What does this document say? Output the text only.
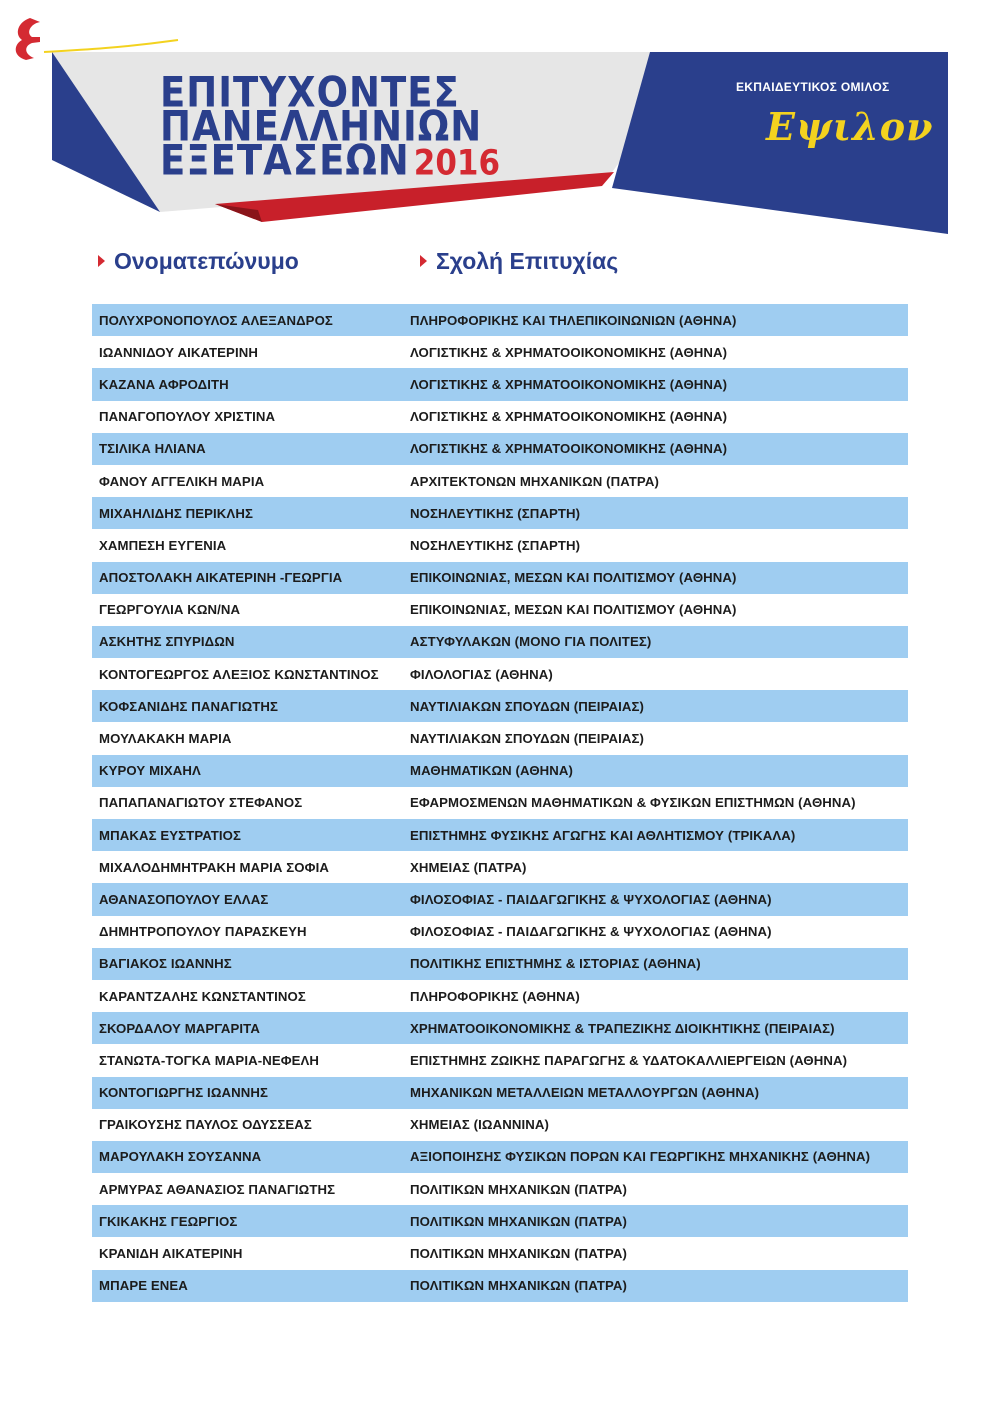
ΕΠΙΤΥΧΟΝΤΕΣ
ΠΑΝΕΛΛΗΝΙΩΝ
ΕΞΕΤΑΣΕΩΝ 2016
ΕΚΠΑΙΔΕΥΤΙΚΟΣ ΟΜΙΛΟΣ
Εψιλον
Ονοματεπώνυμο	Σχολή Επιτυχίας
ΠΟΛΥΧΡΟΝΟΠΟΥΛΟΣ ΑΛΕΞΑΝΔΡΟΣ	ΠΛΗΡΟΦΟΡΙΚΗΣ ΚΑΙ ΤΗΛΕΠΙΚΟΙΝΩΝΙΩΝ (ΑΘΗΝΑ)
ΙΩΑΝΝΙΔΟΥ ΑΙΚΑΤΕΡΙΝΗ	ΛΟΓΙΣΤΙΚΗΣ & ΧΡΗΜΑΤΟΟΙΚΟΝΟΜΙΚΗΣ (ΑΘΗΝΑ)
ΚΑΖΑΝΑ ΑΦΡΟΔΙΤΗ	ΛΟΓΙΣΤΙΚΗΣ & ΧΡΗΜΑΤΟΟΙΚΟΝΟΜΙΚΗΣ (ΑΘΗΝΑ)
ΠΑΝΑΓΟΠΟΥΛΟΥ ΧΡΙΣΤΙΝΑ	ΛΟΓΙΣΤΙΚΗΣ & ΧΡΗΜΑΤΟΟΙΚΟΝΟΜΙΚΗΣ (ΑΘΗΝΑ)
ΤΣΙΛΙΚΑ ΗΛΙΑΝΑ	ΛΟΓΙΣΤΙΚΗΣ & ΧΡΗΜΑΤΟΟΙΚΟΝΟΜΙΚΗΣ (ΑΘΗΝΑ)
ΦΑΝΟΥ ΑΓΓΕΛΙΚΗ ΜΑΡΙΑ	ΑΡΧΙΤΕΚΤΟΝΩΝ ΜΗΧΑΝΙΚΩΝ (ΠΑΤΡΑ)
ΜΙΧΑΗΛΙΔΗΣ ΠΕΡΙΚΛΗΣ	ΝΟΣΗΛΕΥΤΙΚΗΣ (ΣΠΑΡΤΗ)
ΧΑΜΠΕΣΗ ΕΥΓΕΝΙΑ	ΝΟΣΗΛΕΥΤΙΚΗΣ (ΣΠΑΡΤΗ)
ΑΠΟΣΤΟΛΑΚΗ ΑΙΚΑΤΕΡΙΝΗ -ΓΕΩΡΓΙΑ	ΕΠΙΚΟΙΝΩΝΙΑΣ, ΜΕΣΩΝ ΚΑΙ ΠΟΛΙΤΙΣΜΟΥ (ΑΘΗΝΑ)
ΓΕΩΡΓΟΥΛΙΑ ΚΩΝ/ΝΑ	ΕΠΙΚΟΙΝΩΝΙΑΣ, ΜΕΣΩΝ ΚΑΙ ΠΟΛΙΤΙΣΜΟΥ (ΑΘΗΝΑ)
ΑΣΚΗΤΗΣ ΣΠΥΡΙΔΩΝ	ΑΣΤΥΦΥΛΑΚΩΝ (ΜΟΝΟ ΓΙΑ ΠΟΛΙΤΕΣ)
ΚΟΝΤΟΓΕΩΡΓΟΣ ΑΛΕΞΙΟΣ ΚΩΝΣΤΑΝΤΙΝΟΣ	ΦΙΛΟΛΟΓΙΑΣ (ΑΘΗΝΑ)
ΚΟΦΣΑΝΙΔΗΣ ΠΑΝΑΓΙΩΤΗΣ	ΝΑΥΤΙΛΙΑΚΩΝ ΣΠΟΥΔΩΝ (ΠΕΙΡΑΙΑΣ)
ΜΟΥΛΑΚΑΚΗ ΜΑΡΙΑ	ΝΑΥΤΙΛΙΑΚΩΝ ΣΠΟΥΔΩΝ (ΠΕΙΡΑΙΑΣ)
ΚΥΡΟΥ ΜΙΧΑΗΛ	ΜΑΘΗΜΑΤΙΚΩΝ (ΑΘΗΝΑ)
ΠΑΠΑΠΑΝΑΓΙΩΤΟΥ ΣΤΕΦΑΝΟΣ	ΕΦΑΡΜΟΣΜΕΝΩΝ ΜΑΘΗΜΑΤΙΚΩΝ & ΦΥΣΙΚΩΝ ΕΠΙΣΤΗΜΩΝ (ΑΘΗΝΑ)
ΜΠΑΚΑΣ ΕΥΣΤΡΑΤΙΟΣ	ΕΠΙΣΤΗΜΗΣ ΦΥΣΙΚΗΣ ΑΓΩΓΗΣ ΚΑΙ ΑΘΛΗΤΙΣΜΟΥ (ΤΡΙΚΑΛΑ)
ΜΙΧΑΛΟΔΗΜΗΤΡΑΚΗ ΜΑΡΙΑ ΣΟΦΙΑ	ΧΗΜΕΙΑΣ (ΠΑΤΡΑ)
ΑΘΑΝΑΣΟΠΟΥΛΟΥ ΕΛΛΑΣ	ΦΙΛΟΣΟΦΙΑΣ - ΠΑΙΔΑΓΩΓΙΚΗΣ & ΨΥΧΟΛΟΓΙΑΣ (ΑΘΗΝΑ)
ΔΗΜΗΤΡΟΠΟΥΛΟΥ ΠΑΡΑΣΚΕΥΗ	ΦΙΛΟΣΟΦΙΑΣ - ΠΑΙΔΑΓΩΓΙΚΗΣ & ΨΥΧΟΛΟΓΙΑΣ (ΑΘΗΝΑ)
ΒΑΓΙΑΚΟΣ ΙΩΑΝΝΗΣ	ΠΟΛΙΤΙΚΗΣ ΕΠΙΣΤΗΜΗΣ & ΙΣΤΟΡΙΑΣ (ΑΘΗΝΑ)
ΚΑΡΑΝΤΖΑΛΗΣ ΚΩΝΣΤΑΝΤΙΝΟΣ	ΠΛΗΡΟΦΟΡΙΚΗΣ (ΑΘΗΝΑ)
ΣΚΟΡΔΑΛΟΥ ΜΑΡΓΑΡΙΤΑ	ΧΡΗΜΑΤΟΟΙΚΟΝΟΜΙΚΗΣ & ΤΡΑΠΕΖΙΚΗΣ ΔΙΟΙΚΗΤΙΚΗΣ (ΠΕΙΡΑΙΑΣ)
ΣΤΑΝΩΤΑ-ΤΟΓΚΑ ΜΑΡΙΑ-ΝΕΦΕΛΗ	ΕΠΙΣΤΗΜΗΣ ΖΩΙΚΗΣ ΠΑΡΑΓΩΓΗΣ & ΥΔΑΤΟΚΑΛΛΙΕΡΓΕΙΩΝ (ΑΘΗΝΑ)
ΚΟΝΤΟΓΙΩΡΓΗΣ ΙΩΑΝΝΗΣ	ΜΗΧΑΝΙΚΩΝ ΜΕΤΑΛΛΕΙΩΝ ΜΕΤΑΛΛΟΥΡΓΩΝ (ΑΘΗΝΑ)
ΓΡΑΙΚΟΥΣΗΣ ΠΑΥΛΟΣ ΟΔΥΣΣΕΑΣ	ΧΗΜΕΙΑΣ (ΙΩΑΝΝΙΝΑ)
ΜΑΡΟΥΛΑΚΗ ΣΟΥΣΑΝΝΑ	ΑΞΙΟΠΟΙΗΣΗΣ ΦΥΣΙΚΩΝ ΠΟΡΩΝ ΚΑΙ ΓΕΩΡΓΙΚΗΣ ΜΗΧΑΝΙΚΗΣ (ΑΘΗΝΑ)
ΑΡΜΥΡΑΣ ΑΘΑΝΑΣΙΟΣ ΠΑΝΑΓΙΩΤΗΣ	ΠΟΛΙΤΙΚΩΝ ΜΗΧΑΝΙΚΩΝ (ΠΑΤΡΑ)
ΓΚΙΚΑΚΗΣ ΓΕΩΡΓΙΟΣ	ΠΟΛΙΤΙΚΩΝ ΜΗΧΑΝΙΚΩΝ (ΠΑΤΡΑ)
ΚΡΑΝΙΔΗ ΑΙΚΑΤΕΡΙΝΗ	ΠΟΛΙΤΙΚΩΝ ΜΗΧΑΝΙΚΩΝ (ΠΑΤΡΑ)
ΜΠΑΡΕ ΕΝΕΑ	ΠΟΛΙΤΙΚΩΝ ΜΗΧΑΝΙΚΩΝ (ΠΑΤΡΑ)
